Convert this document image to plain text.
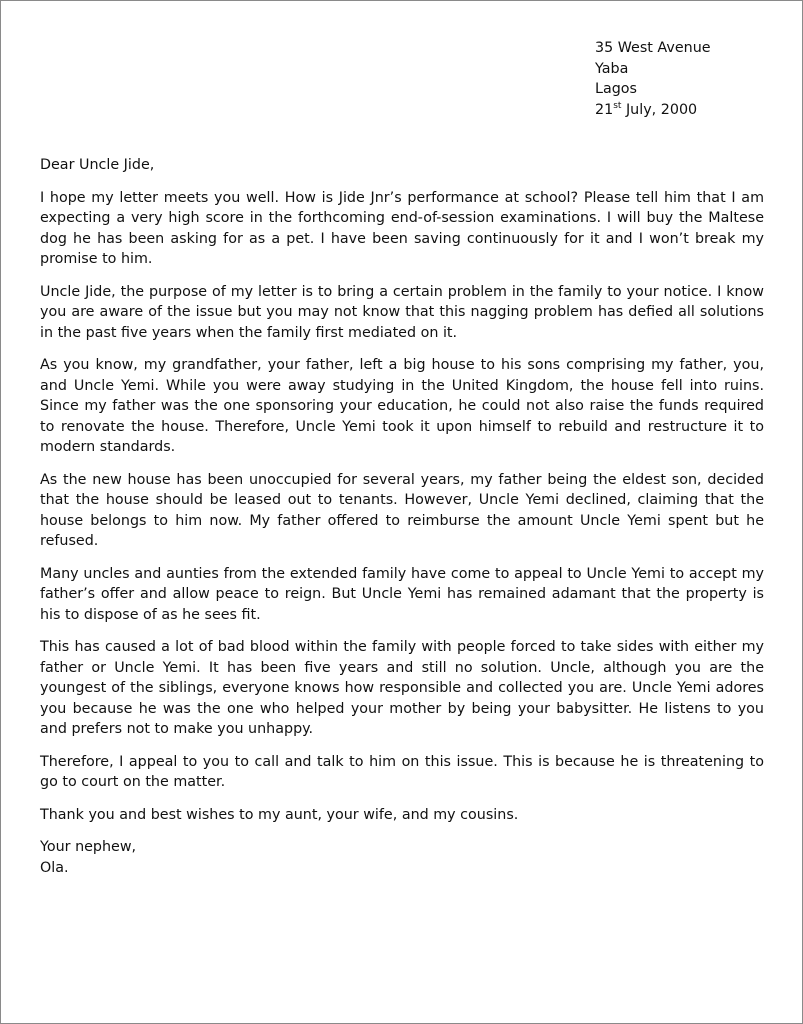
35 West Avenue
Yaba
Lagos
21st July, 2000
Dear Uncle Jide,
I hope my letter meets you well. How is Jide Jnr’s performance at school? Please tell him that I am expecting a very high score in the forthcoming end-of-session examinations. I will buy the Maltese dog he has been asking for as a pet. I have been saving continuously for it and I won’t break my promise to him.
Uncle Jide, the purpose of my letter is to bring a certain problem in the family to your notice. I know you are aware of the issue but you may not know that this nagging problem has defied all solutions in the past five years when the family first mediated on it.
As you know, my grandfather, your father, left a big house to his sons comprising my father, you, and Uncle Yemi. While you were away studying in the United Kingdom, the house fell into ruins. Since my father was the one sponsoring your education, he could not also raise the funds required to renovate the house. Therefore, Uncle Yemi took it upon himself to rebuild and restructure it to modern standards.
As the new house has been unoccupied for several years, my father being the eldest son, decided that the house should be leased out to tenants. However, Uncle Yemi declined, claiming that the house belongs to him now. My father offered to reimburse the amount Uncle Yemi spent but he refused.
Many uncles and aunties from the extended family have come to appeal to Uncle Yemi to accept my father’s offer and allow peace to reign. But Uncle Yemi has remained adamant that the property is his to dispose of as he sees fit.
This has caused a lot of bad blood within the family with people forced to take sides with either my father or Uncle Yemi. It has been five years and still no solution. Uncle, although you are the youngest of the siblings, everyone knows how responsible and collected you are. Uncle Yemi adores you because he was the one who helped your mother by being your babysitter. He listens to you and prefers not to make you unhappy.
Therefore, I appeal to you to call and talk to him on this issue. This is because he is threatening to go to court on the matter.
Thank you and best wishes to my aunt, your wife, and my cousins.
Your nephew,
Ola.
